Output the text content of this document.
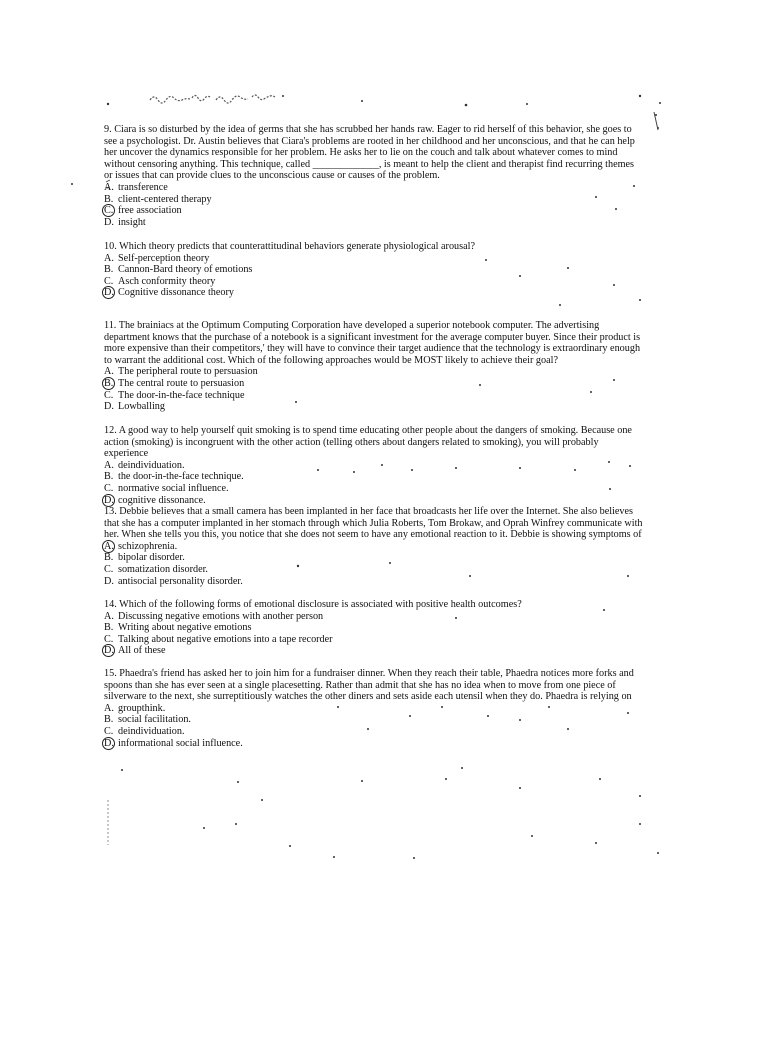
9. Ciara is so disturbed by the idea of germs that she has scrubbed her hands raw. Eager to rid herself of this behavior, she goes to see a psychologist. Dr. Austin believes that Ciara's problems are rooted in her childhood and her unconscious, and that he can help her uncover the dynamics responsible for her problem. He asks her to lie on the couch and talk about whatever comes to mind without censoring anything. This technique, called _____________, is meant to help the client and therapist find recurring themes or issues that can provide clues to the unconscious cause or causes of the problem.

A. transference
B. client-centered therapy
C. free association
D. insight

10. Which theory predicts that counterattitudinal behaviors generate physiological arousal?

A. Self-perception theory
B. Cannon-Bard theory of emotions
C. Asch conformity theory
D. Cognitive dissonance theory

11. The brainiacs at the Optimum Computing Corporation have developed a superior notebook computer. The advertising department knows that the purchase of a notebook is a significant investment for the average computer buyer. Since their product is more expensive than their competitors,' they will have to convince their target audience that the technology is extraordinary enough to warrant the additional cost. Which of the following approaches would be MOST likely to achieve their goal?

A. The peripheral route to persuasion
B. The central route to persuasion
C. The door-in-the-face technique
D. Lowballing

12. A good way to help yourself quit smoking is to spend time educating other people about the dangers of smoking. Because one action (smoking) is incongruent with the other action (telling others about dangers related to smoking), you will probably experience

A. deindividuation.
B. the door-in-the-face technique.
C. normative social influence.
D. cognitive dissonance.

13. Debbie believes that a small camera has been implanted in her face that broadcasts her life over the Internet. She also believes that she has a computer implanted in her stomach through which Julia Roberts, Tom Brokaw, and Oprah Winfrey communicate with her. When she tells you this, you notice that she does not seem to have any emotional reaction to it. Debbie is showing symptoms of

A. schizophrenia.
B. bipolar disorder.
C. somatization disorder.
D. antisocial personality disorder.

14. Which of the following forms of emotional disclosure is associated with positive health outcomes?

A. Discussing negative emotions with another person
B. Writing about negative emotions
C. Talking about negative emotions into a tape recorder
D. All of these

15. Phaedra's friend has asked her to join him for a fundraiser dinner. When they reach their table, Phaedra notices more forks and spoons than she has ever seen at a single placesetting. Rather than admit that she has no idea when to move from one piece of silverware to the next, she surreptitiously watches the other diners and sets aside each utensil when they do. Phaedra is relying on

A. groupthink.
B. social facilitation.
C. deindividuation.
D. informational social influence.
